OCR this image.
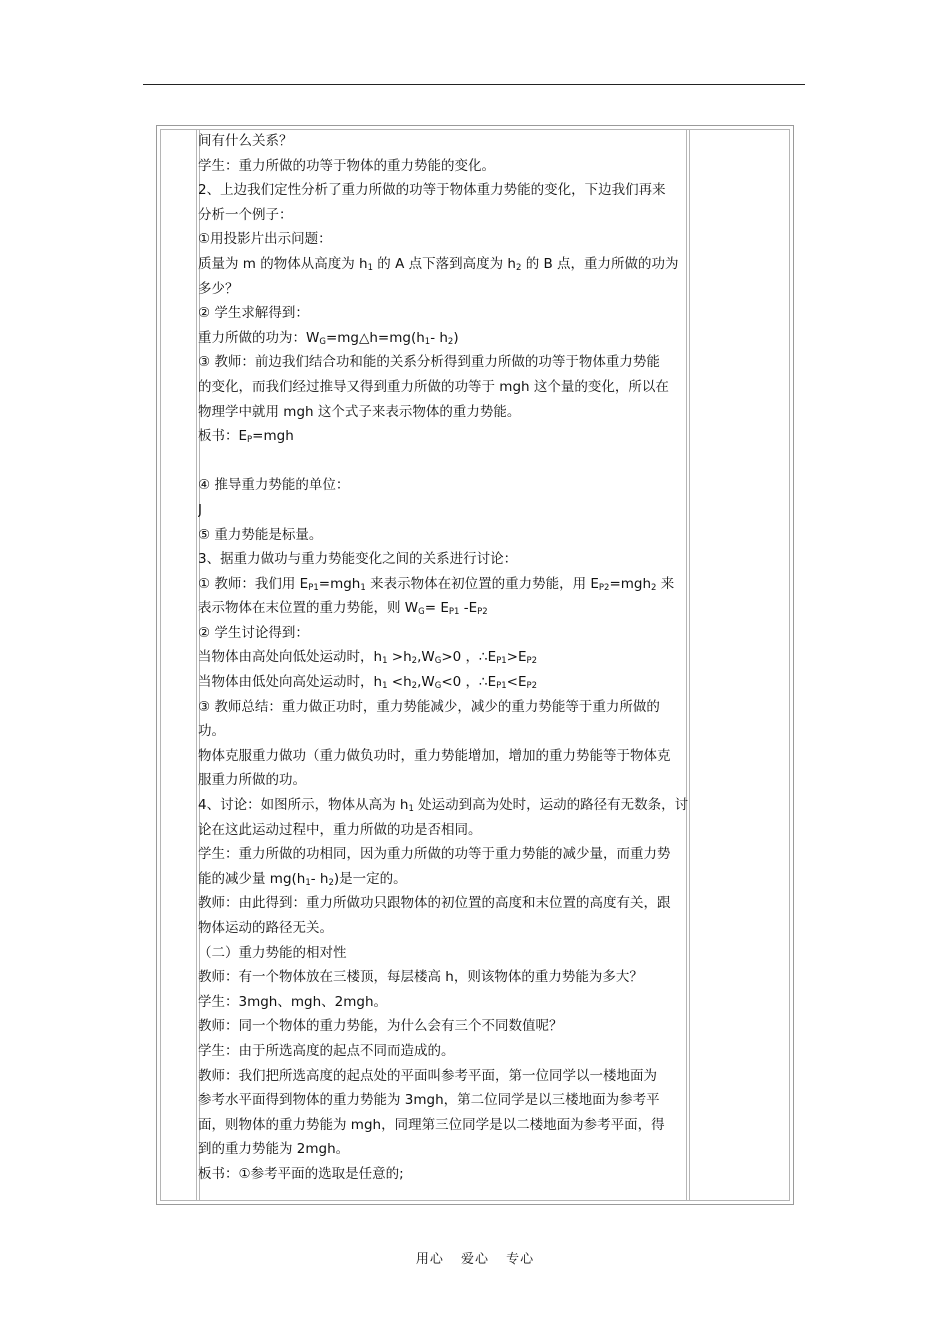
间有什么关系？
学生：重力所做的功等于物体的重力势能的变化。
2、上边我们定性分析了重力所做的功等于物体重力势能的变化，下边我们再来
分析一个例子：
①用投影片出示问题：
质量为 m 的物体从高度为 $h_1$ 的 A 点下落到高度为 $h_2$ 的 B 点，重力所做的功为
多少？
② 学生求解得到：
重力所做的功为：$W_G=mg\triangle h=mg(h_1-$ $h_2$)
③ 教师：前边我们结合功和能的关系分析得到重力所做的功等于物体重力势能
的变化，而我们经过推导又得到重力所做的功等于 mgh 这个量的变化，所以在
物理学中就用 mgh 这个式子来表示物体的重力势能。
板书：$E_P=mgh$

④ 推导重力势能的单位：
J
⑤ 重力势能是标量。
3、据重力做功与重力势能变化之间的关系进行讨论：
① 教师：我们用 $E_{P1}=mgh_1$ 来表示物体在初位置的重力势能，用 $E_{P2}=mgh_2$ 来
表示物体在末位置的重力势能，则 $W_G= E_{P1}$ $-E_{P2}$
② 学生讨论得到：
当物体由高处向低处运动时，$h_1 >h_2,W_G>0$ ，$\therefore E_{P1}>E_{P2}$
当物体由低处向高处运动时，$h_1 <h_2,W_G<0$ ，$\therefore E_{P1}<E_{P2}$
③ 教师总结：重力做正功时，重力势能减少，减少的重力势能等于重力所做的
功。
物体克服重力做功（重力做负功时，重力势能增加，增加的重力势能等于物体克
服重力所做的功。
4、讨论：如图所示，物体从高为 $h_1$ 处运动到高为处时，运动的路径有无数条，讨
论在这此运动过程中，重力所做的功是否相同。
学生：重力所做的功相同，因为重力所做的功等于重力势能的减少量，而重力势
能的减少量 $mg(h_1-$ $h_2$)是一定的。
教师：由此得到：重力所做功只跟物体的初位置的高度和末位置的高度有关，跟
物体运动的路径无关。
（二）重力势能的相对性
教师：有一个物体放在三楼顶，每层楼高 h，则该物体的重力势能为多大？
学生：3mgh、mgh、2mgh。
教师：同一个物体的重力势能，为什么会有三个不同数值呢？
学生：由于所选高度的起点不同而造成的。
教师：我们把所选高度的起点处的平面叫参考平面，第一位同学以一楼地面为
参考水平面得到物体的重力势能为 3mgh，第二位同学是以三楼地面为参考平
面，则物体的重力势能为 mgh，同理第三位同学是以二楼地面为参考平面，得
到的重力势能为 2mgh。
板书：①参考平面的选取是任意的;
用心 爱心 专心
